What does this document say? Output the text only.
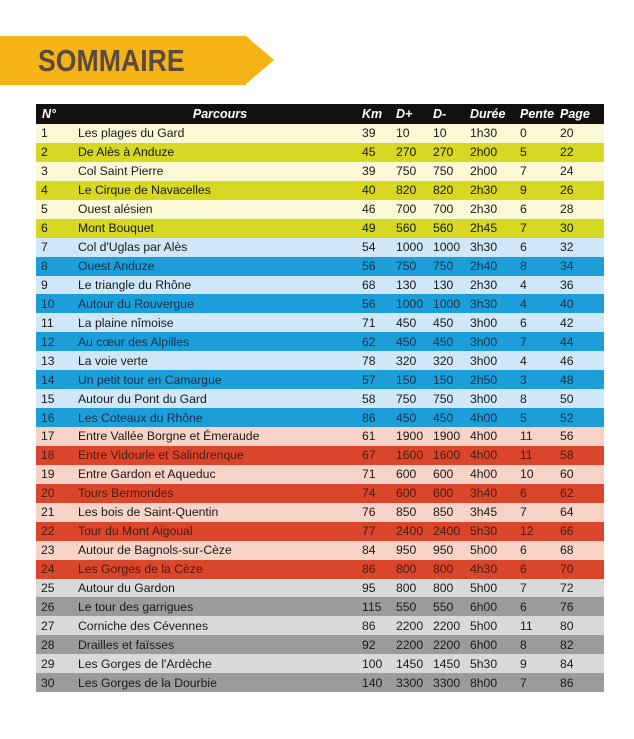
SOMMAIRE
N°	Parcours	Km	D+	D-	Durée	Pente	Page
1	Les plages du Gard	39	10	10	1h30	0	20
2	De Alès à Anduze	45	270	270	2h00	5	22
3	Col Saint Pierre	39	750	750	2h00	7	24
4	Le Cirque de Navacelles	40	820	820	2h30	9	26
5	Ouest alésien	46	700	700	2h30	6	28
6	Mont Bouquet	49	560	560	2h45	7	30
7	Col d'Uglas par Alès	54	1000	1000	3h30	6	32
8	Ouest Anduze	56	750	750	2h40	8	34
9	Le triangle du Rhône	68	130	130	2h30	4	36
10	Autour du Rouvergue	56	1000	1000	3h30	4	40
11	La plaine nîmoise	71	450	450	3h00	6	42
12	Au cœur des Alpilles	62	450	450	3h00	7	44
13	La voie verte	78	320	320	3h00	4	46
14	Un petit tour en Camargue	57	150	150	2h50	3	48
15	Autour du Pont du Gard	58	750	750	3h00	8	50
16	Les Coteaux du Rhône	86	450	450	4h00	5	52
17	Entre Vallée Borgne et Émeraude	61	1900	1900	4h00	11	56
18	Entre Vidourle et Salindrenque	67	1600	1600	4h00	11	58
19	Entre Gardon et Aqueduc	71	600	600	4h00	10	60
20	Tours Bermondes	74	600	600	3h40	6	62
21	Les bois de Saint-Quentin	76	850	850	3h45	7	64
22	Tour du Mont Aigoual	77	2400	2400	5h30	12	66
23	Autour de Bagnols-sur-Cèze	84	950	950	5h00	6	68
24	Les Gorges de la Cèze	86	800	800	4h30	6	70
25	Autour du Gardon	95	800	800	5h00	7	72
26	Le tour des garrigues	115	550	550	6h00	6	76
27	Corniche des Cévennes	86	2200	2200	5h00	11	80
28	Drailles et faïsses	92	2200	2200	6h00	8	82
29	Les Gorges de l'Ardèche	100	1450	1450	5h30	9	84
30	Les Gorges de la Dourbie	140	3300	3300	8h00	7	86
